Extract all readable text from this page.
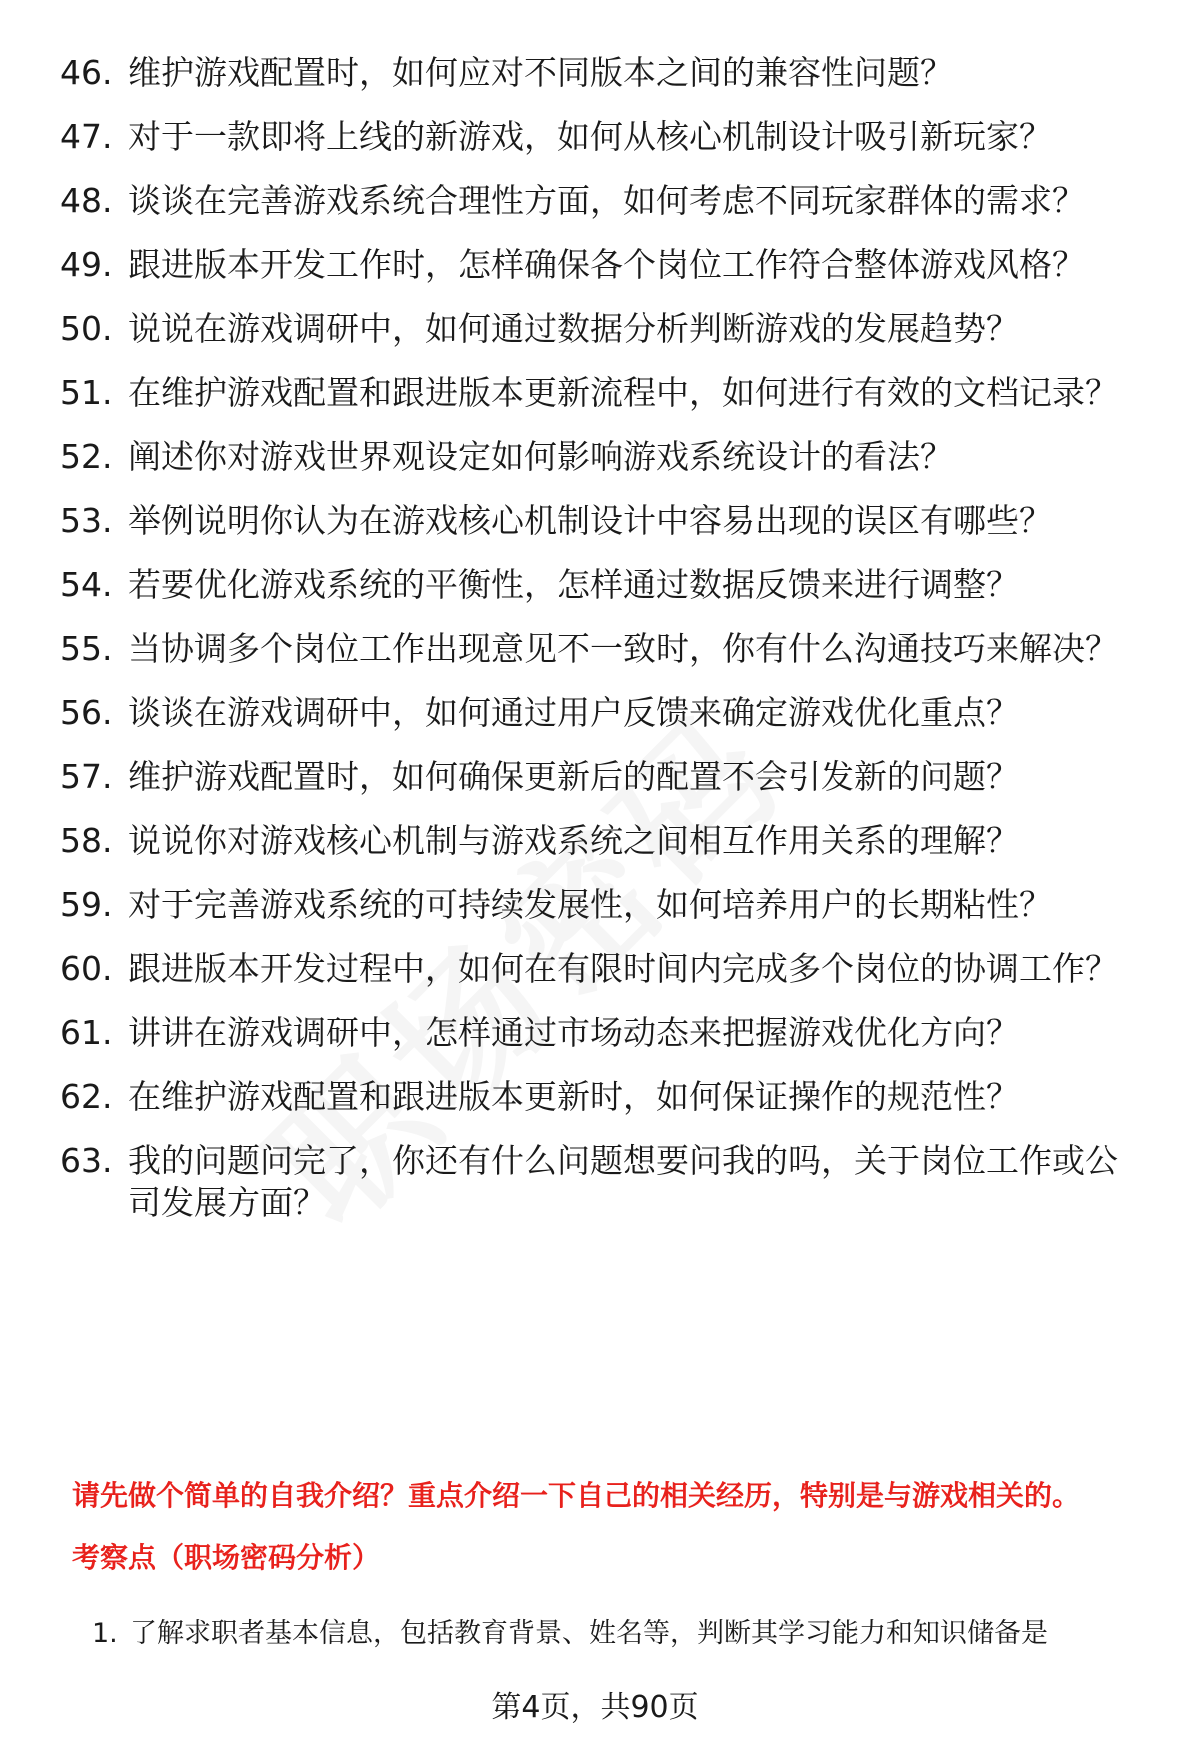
46. 维护游戏配置时，如何应对不同版本之间的兼容性问题？
47. 对于一款即将上线的新游戏，如何从核心机制设计吸引新玩家？
48. 谈谈在完善游戏系统合理性方面，如何考虑不同玩家群体的需求？
49. 跟进版本开发工作时，怎样确保各个岗位工作符合整体游戏风格？
50. 说说在游戏调研中，如何通过数据分析判断游戏的发展趋势？
51. 在维护游戏配置和跟进版本更新流程中，如何进行有效的文档记录？
52. 阐述你对游戏世界观设定如何影响游戏系统设计的看法？
53. 举例说明你认为在游戏核心机制设计中容易出现的误区有哪些？
54. 若要优化游戏系统的平衡性，怎样通过数据反馈来进行调整？
55. 当协调多个岗位工作出现意见不一致时，你有什么沟通技巧来解决？
56. 谈谈在游戏调研中，如何通过用户反馈来确定游戏优化重点？
57. 维护游戏配置时，如何确保更新后的配置不会引发新的问题？
58. 说说你对游戏核心机制与游戏系统之间相互作用关系的理解？
59. 对于完善游戏系统的可持续发展性，如何培养用户的长期粘性？
60. 跟进版本开发过程中，如何在有限时间内完成多个岗位的协调工作？
61. 讲讲在游戏调研中，怎样通过市场动态来把握游戏优化方向？
62. 在维护游戏配置和跟进版本更新时，如何保证操作的规范性？
63. 我的问题问完了，你还有什么问题想要问我的吗，关于岗位工作或公司发展方面？
请先做个简单的自我介绍？重点介绍一下自己的相关经历，特别是与游戏相关的。
考察点（职场密码分析）
1. 了解求职者基本信息，包括教育背景、姓名等，判断其学习能力和知识储备是
第4页，共90页
